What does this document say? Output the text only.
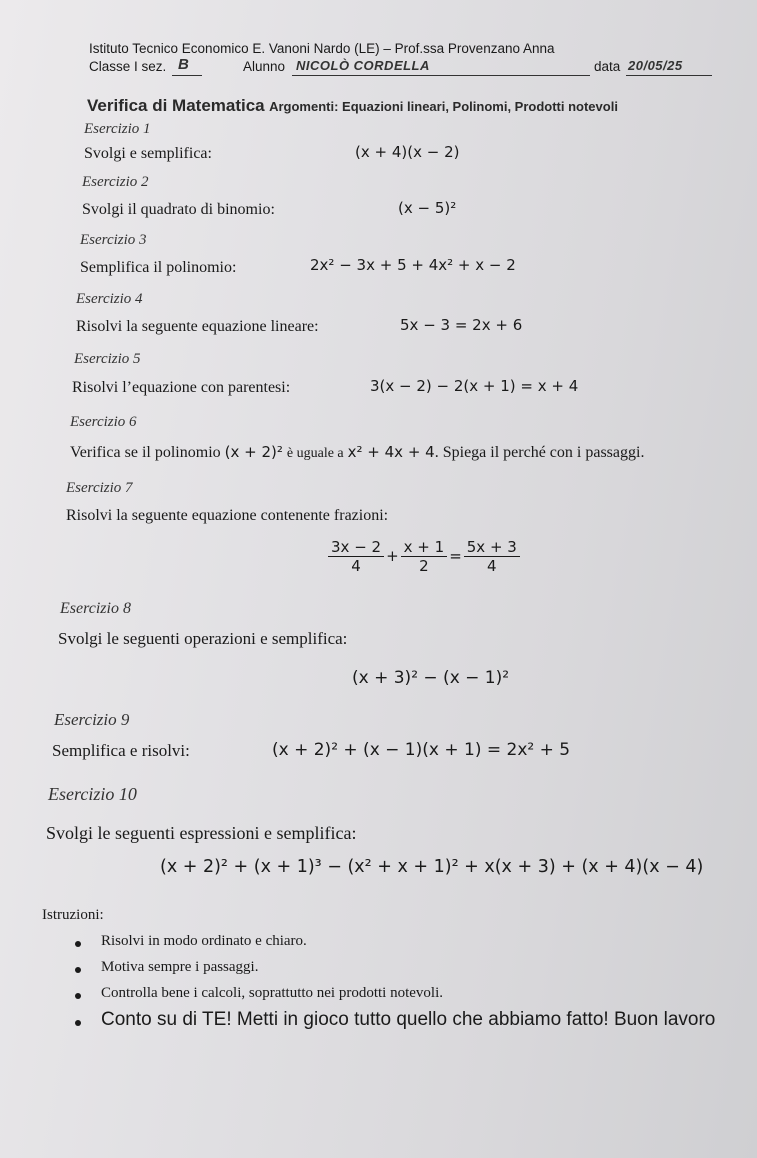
Istituto Tecnico Economico E. Vanoni Nardo (LE) – Prof.ssa Provenzano Anna
Classe I sez. B	Alunno NICOLÒ CORDELLA	data 20/05/25
Verifica di Matematica Argomenti: Equazioni lineari, Polinomi, Prodotti notevoli
Esercizio 1
Svolgi e semplifica:	(x + 4)(x − 2)
Esercizio 2
Svolgi il quadrato di binomio:	(x − 5)²
Esercizio 3
Semplifica il polinomio:	2x² − 3x + 5 + 4x² + x − 2
Esercizio 4
Risolvi la seguente equazione lineare:	5x − 3 = 2x + 6
Esercizio 5
Risolvi l’equazione con parentesi:	3(x − 2) − 2(x + 1) = x + 4
Esercizio 6
Verifica se il polinomio (x + 2)² è uguale a x² + 4x + 4. Spiega il perché con i passaggi.
Esercizio 7
Risolvi la seguente equazione contenente frazioni:
$\frac{3x - 2}{4} + \frac{x + 1}{2} = \frac{5x + 3}{4}$
Esercizio 8
Svolgi le seguenti operazioni e semplifica:
(x + 3)² − (x − 1)²
Esercizio 9
Semplifica e risolvi:	(x + 2)² + (x − 1)(x + 1) = 2x² + 5
Esercizio 10
Svolgi le seguenti espressioni e semplifica:
(x + 2)² + (x + 1)³ − (x² + x + 1)² + x(x + 3) + (x + 4)(x − 4)
Istruzioni:
Risolvi in modo ordinato e chiaro.
Motiva sempre i passaggi.
Controlla bene i calcoli, soprattutto nei prodotti notevoli.
Conto su di TE! Metti in gioco tutto quello che abbiamo fatto! Buon lavoro
